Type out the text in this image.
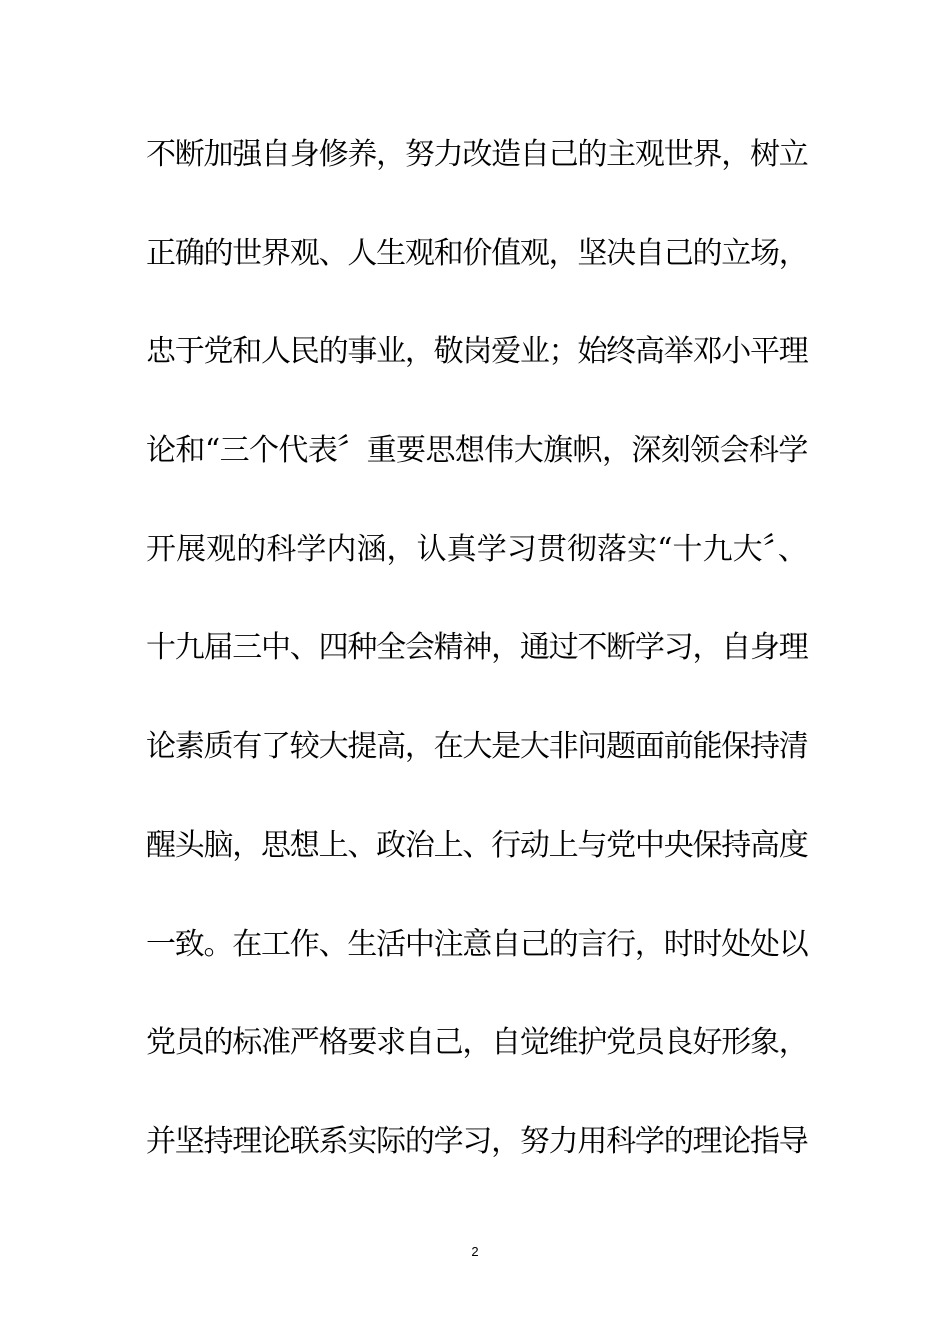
不断加强自身修养，努力改造自己的主观世界，树立
正确的世界观、人生观和价值观，坚决自己的立场，
忠于党和人民的事业，敬岗爱业；始终高举邓小平理
论和“三个代表〞重要思想伟大旗帜，深刻领会科学
开展观的科学内涵，认真学习贯彻落实“十九大〞、
十九届三中、四种全会精神，通过不断学习，自身理
论素质有了较大提高，在大是大非问题面前能保持清
醒头脑，思想上、政治上、行动上与党中央保持高度
一致。在工作、生活中注意自己的言行，时时处处以
党员的标准严格要求自己，自觉维护党员良好形象，
并坚持理论联系实际的学习，努力用科学的理论指导
2
